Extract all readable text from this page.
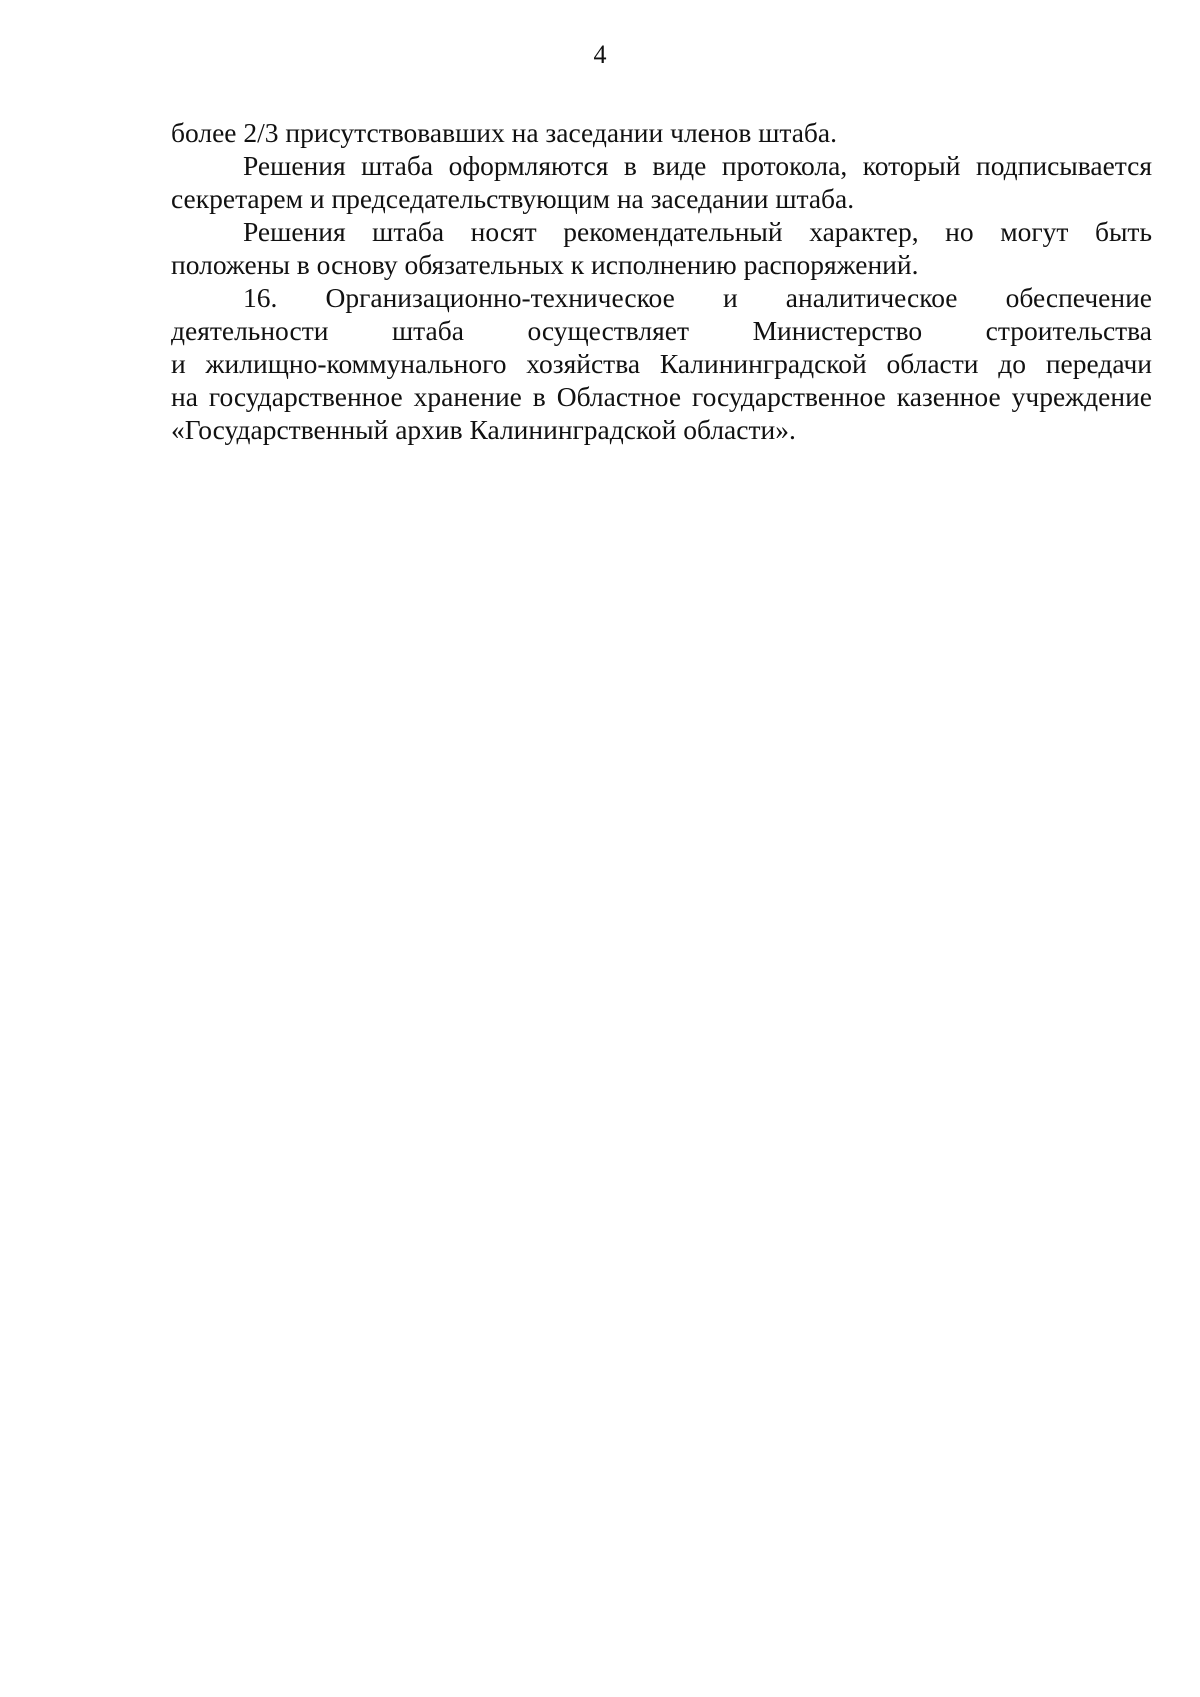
4
более 2/3 присутствовавших на заседании членов штаба.
Решения штаба оформляются в виде протокола, который подписывается
секретарем и председательствующим на заседании штаба.
Решения штаба носят рекомендательный характер, но могут быть
положены в основу обязательных к исполнению распоряжений.
16. Организационно-техническое и аналитическое обеспечение
деятельности штаба осуществляет Министерство строительства
и жилищно-коммунального хозяйства Калининградской области до передачи
на государственное хранение в Областное государственное казенное учреждение
«Государственный архив Калининградской области».
